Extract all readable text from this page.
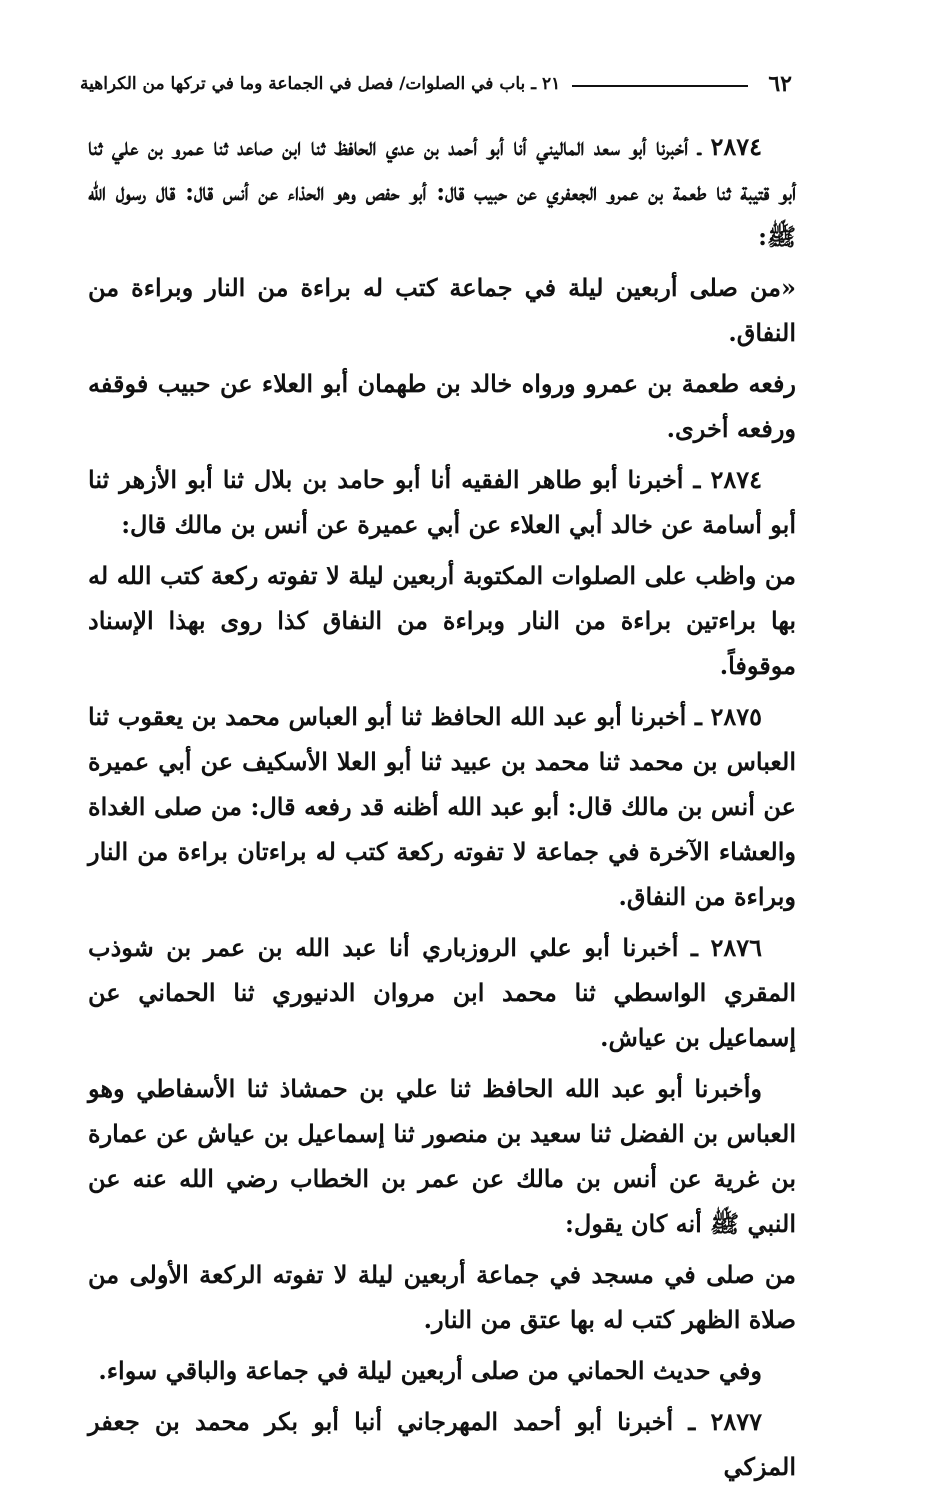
٦٢
٢١ ـ باب في الصلوات/ فصل في الجماعة وما في تركها من الكراهية

٢٨٧٤ ـ أخبرنا أبو سعد الماليني أنا أبو أحمد بن عدي الحافظ ثنا ابن صاعد ثنا عمرو بن علي ثنا أبو قتيبة ثنا طعمة بن عمرو الجعفري عن حبيب قال: أبو حفص وهو الحذاء عن أنس قال: قال رسول الله ﷺ:

«من صلى أربعين ليلة في جماعة كتب له براءة من النار وبراءة من النفاق.

رفعه طعمة بن عمرو ورواه خالد بن طهمان أبو العلاء عن حبيب فوقفه ورفعه أخرى.

٢٨٧٤ ـ أخبرنا أبو طاهر الفقيه أنا أبو حامد بن بلال ثنا أبو الأزهر ثنا أبو أسامة عن خالد أبي العلاء عن أبي عميرة عن أنس بن مالك قال:

من واظب على الصلوات المكتوبة أربعين ليلة لا تفوته ركعة كتب الله له بها براءتين براءة من النار وبراءة من النفاق كذا روى بهذا الإسناد موقوفاً.

٢٨٧٥ ـ أخبرنا أبو عبد الله الحافظ ثنا أبو العباس محمد بن يعقوب ثنا العباس بن محمد ثنا محمد بن عبيد ثنا أبو العلا الأسكيف عن أبي عميرة عن أنس بن مالك قال: أبو عبد الله أظنه قد رفعه قال: من صلى الغداة والعشاء الآخرة في جماعة لا تفوته ركعة كتب له براءتان براءة من النار وبراءة من النفاق.

٢٨٧٦ ـ أخبرنا أبو علي الروزباري أنا عبد الله بن عمر بن شوذب المقري الواسطي ثنا محمد ابن مروان الدنيوري ثنا الحماني عن إسماعيل بن عياش.

وأخبرنا أبو عبد الله الحافظ ثنا علي بن حمشاذ ثنا الأسفاطي وهو العباس بن الفضل ثنا سعيد بن منصور ثنا إسماعيل بن عياش عن عمارة بن غرية عن أنس بن مالك عن عمر بن الخطاب رضي الله عنه عن النبي ﷺ أنه كان يقول:

من صلى في مسجد في جماعة أربعين ليلة لا تفوته الركعة الأولى من صلاة الظهر كتب له بها عتق من النار.

وفي حديث الحماني من صلى أربعين ليلة في جماعة والباقي سواء.

٢٨٧٧ ـ أخبرنا أبو أحمد المهرجاني أنبا أبو بكر محمد بن جعفر المزكي
